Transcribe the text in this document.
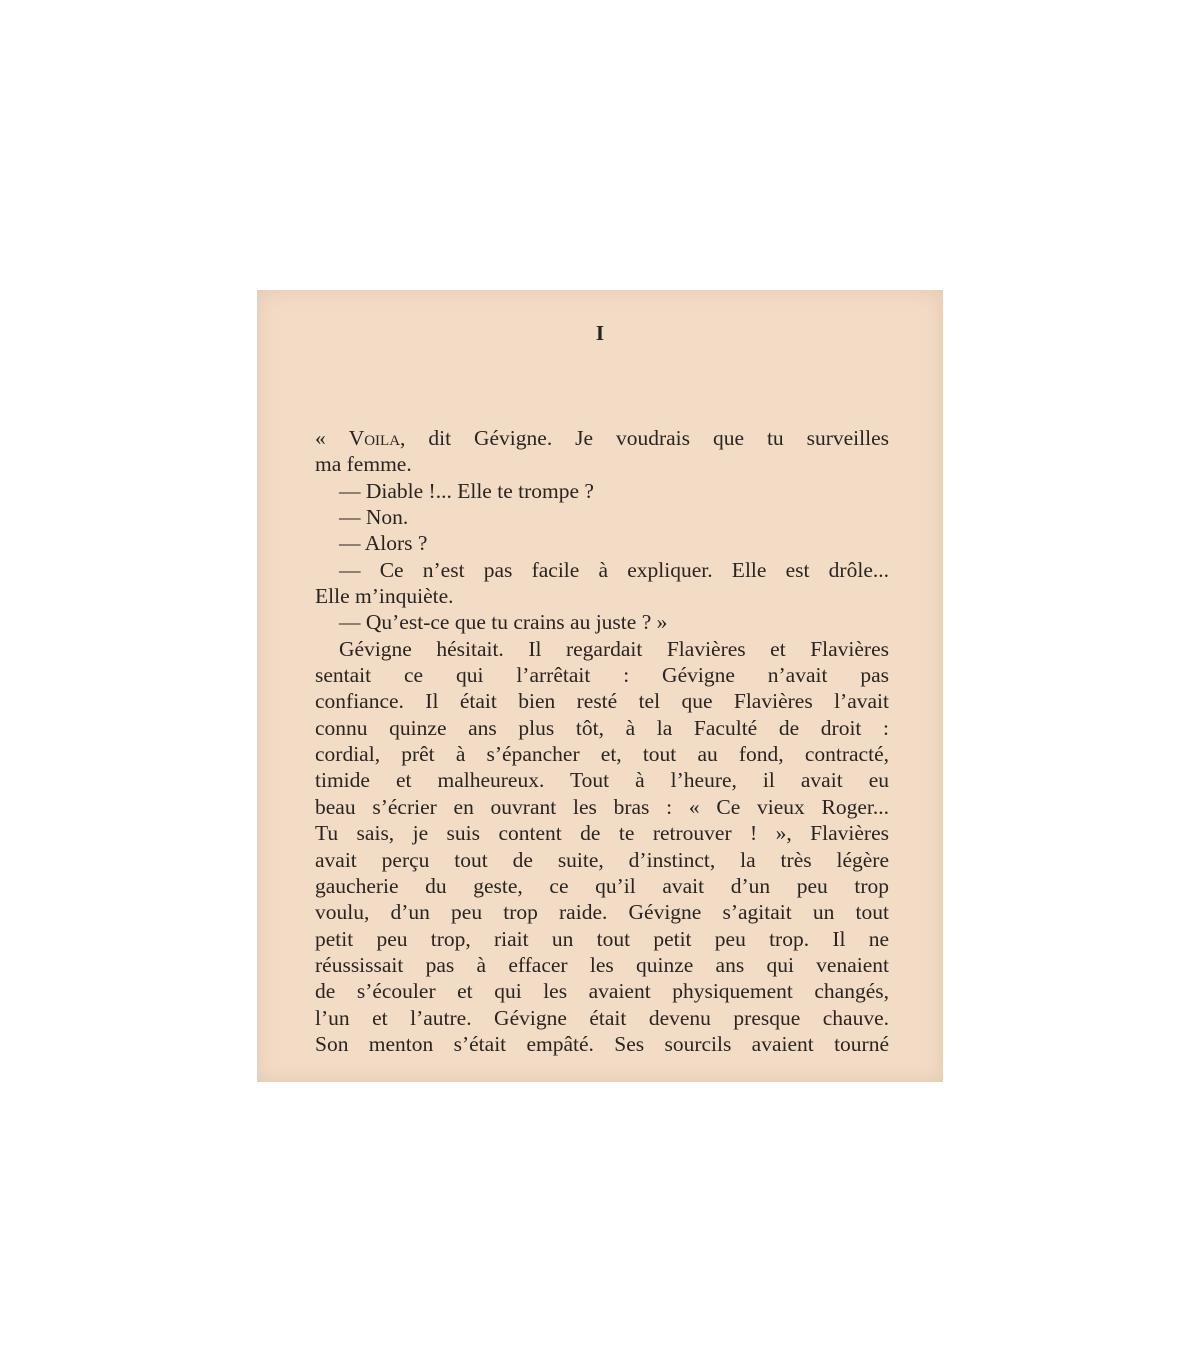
I
« Voila, dit Gévigne. Je voudrais que tu surveilles
ma femme.
— Diable !... Elle te trompe ?
— Non.
— Alors ?
— Ce n’est pas facile à expliquer. Elle est drôle...
Elle m’inquiète.
— Qu’est-ce que tu crains au juste ? »
Gévigne hésitait. Il regardait Flavières et Flavières
sentait ce qui l’arrêtait : Gévigne n’avait pas
confiance. Il était bien resté tel que Flavières l’avait
connu quinze ans plus tôt, à la Faculté de droit :
cordial, prêt à s’épancher et, tout au fond, contracté,
timide et malheureux. Tout à l’heure, il avait eu
beau s’écrier en ouvrant les bras : « Ce vieux Roger...
Tu sais, je suis content de te retrouver ! », Flavières
avait perçu tout de suite, d’instinct, la très légère
gaucherie du geste, ce qu’il avait d’un peu trop
voulu, d’un peu trop raide. Gévigne s’agitait un tout
petit peu trop, riait un tout petit peu trop. Il ne
réussissait pas à effacer les quinze ans qui venaient
de s’écouler et qui les avaient physiquement changés,
l’un et l’autre. Gévigne était devenu presque chauve.
Son menton s’était empâté. Ses sourcils avaient tourné
